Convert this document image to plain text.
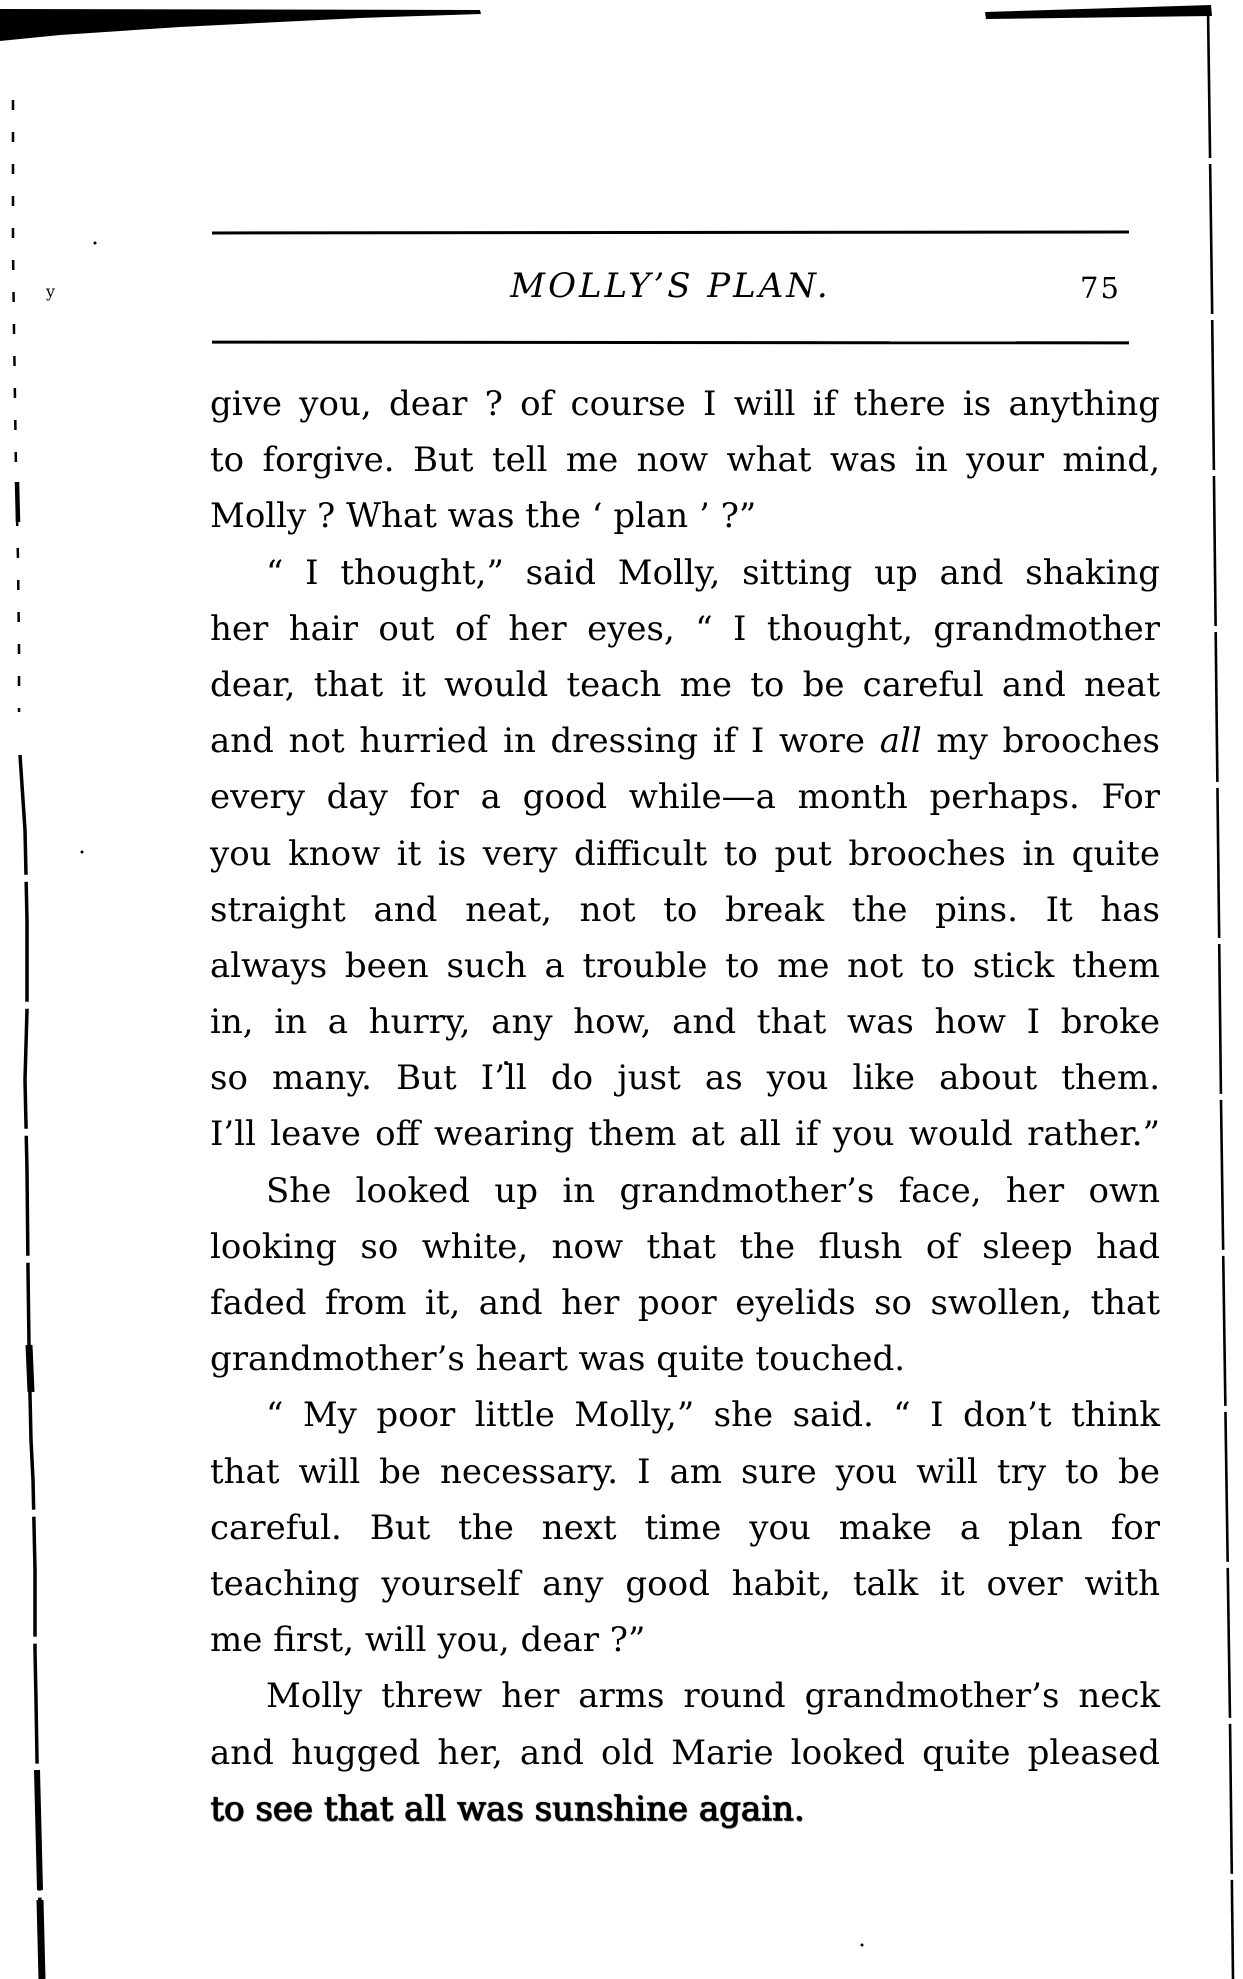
MOLLY’S PLAN.	75
y
give you, dear ? of course I will if there is anything
to forgive. But tell me now what was in your mind,
Molly ? What was the ‘ plan ’ ?”
“ I thought,” said Molly, sitting up and shaking
her hair out of her eyes, “ I thought, grandmother
dear, that it would teach me to be careful and neat
and not hurried in dressing if I wore all my brooches
every day for a good while—a month perhaps. For
you know it is very difficult to put brooches in quite
straight and neat, not to break the pins. It has
always been such a trouble to me not to stick them
in, in a hurry, any how, and that was how I broke
so many. But I’ll do just as you like about them.
I’ll leave off wearing them at all if you would rather.”
She looked up in grandmother’s face, her own
looking so white, now that the flush of sleep had
faded from it, and her poor eyelids so swollen, that
grandmother’s heart was quite touched.
“ My poor little Molly,” she said. “ I don’t think
that will be necessary. I am sure you will try to be
careful. But the next time you make a plan for
teaching yourself any good habit, talk it over with
me first, will you, dear ?”
Molly threw her arms round grandmother’s neck
and hugged her, and old Marie looked quite pleased
to see that all was sunshine again.
